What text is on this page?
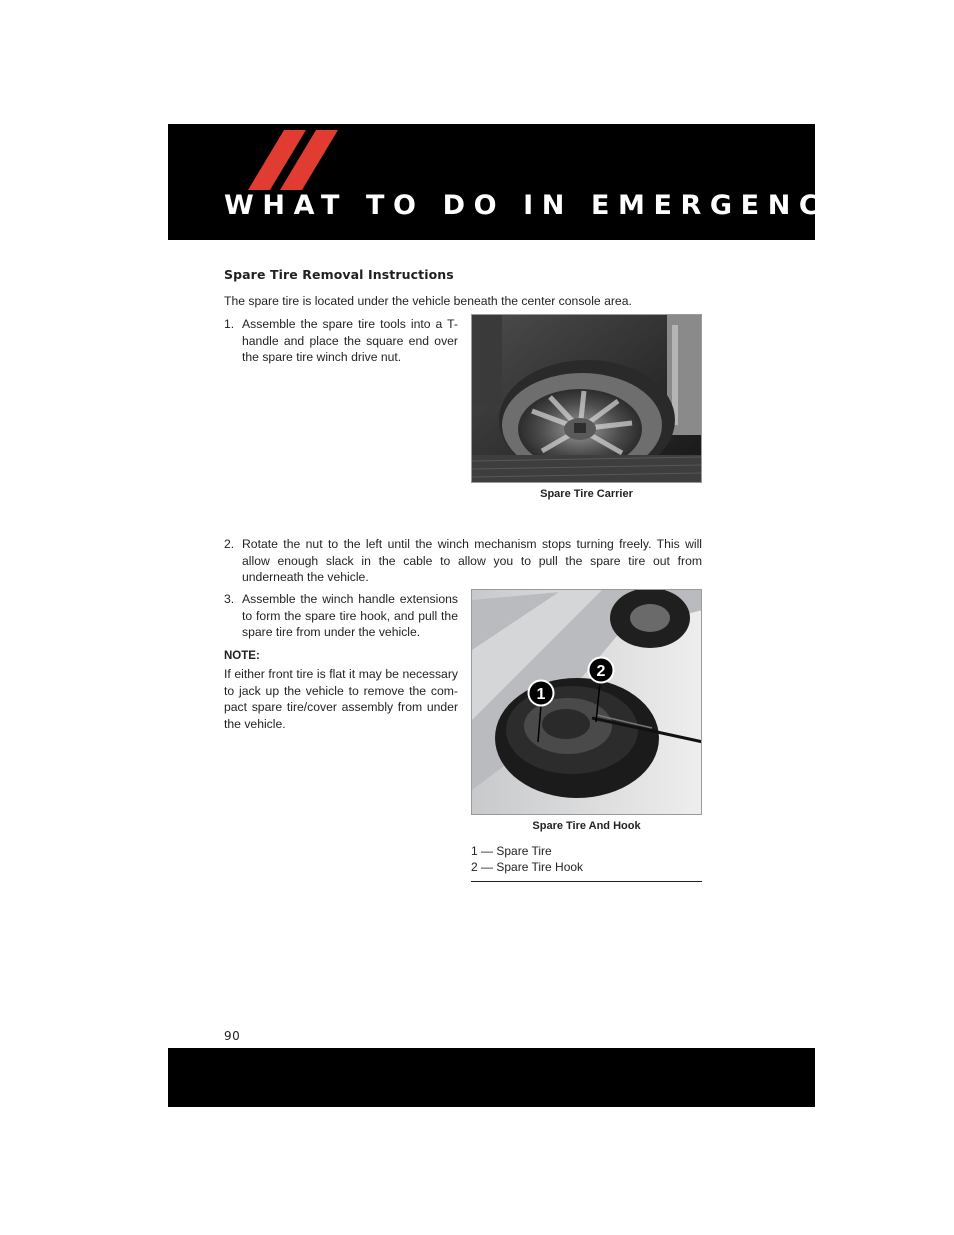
WHAT TO DO IN EMERGENCIES
Spare Tire Removal Instructions
The spare tire is located under the vehicle beneath the center console area.
1. Assemble the spare tire tools into a T-handle and place the square end over the spare tire winch drive nut.
Spare Tire Carrier
2. Rotate the nut to the left until the winch mechanism stops turning freely. This will allow enough slack in the cable to allow you to pull the spare tire out from underneath the vehicle.
3. Assemble the winch handle extensions to form the spare tire hook, and pull the spare tire from under the vehicle.
NOTE:
If either front tire is flat it may be necessary to jack up the vehicle to remove the com-pact spare tire/cover assembly from under the vehicle.
1
2
Spare Tire And Hook
1 — Spare Tire
2 — Spare Tire Hook
90
